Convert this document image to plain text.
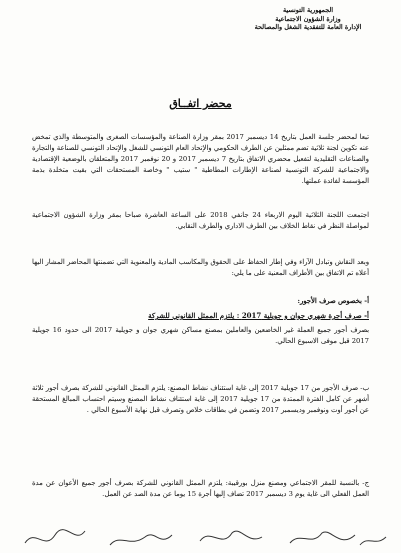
الجمهورية التونسية
وزارة الشؤون الاجتماعية
الإدارة العامة للتفقدية الشغل والمصالحة
محضر اتفــاق

تبعا لمحضر جلسة العمل بتاريخ 14 ديسمبر 2017 بمقر وزارة الصناعة والمؤسسات الصغرى والمتوسطة والذي تمخض عنه تكوين لجنة ثلاثية تضم ممثلين عن الطرف الحكومي والإتحاد العام التونسي للشغل والإتحاد التونسي للصناعة والتجارة والصناعات التقليدية لتفعيل محضري الاتفاق بتاريخ 7 ديسمبر 2017 و 20 نوفمبر 2017 والمتعلقان بالوضعية الإقتصادية والاجتماعية للشركة التونسية لصناعة الإطارات المطاطية " ستيب " وخاصة المستحقات التي بقيت متخلدة بذمة المؤسسة لفائدة عملتها.

اجتمعت اللجنة الثلاثية اليوم الاربعاء 24 جانفي 2018 على الساعة العاشرة صباحا بمقر وزارة الشؤون الاجتماعية لمواصلة النظر في نقاط الخلاف بين الطرف الاداري والطرف النقابي.

وبعد النقاش وتبادل الآراء وفي إطار الحفاظ على الحقوق والمكاسب المادية والمعنوية التي تضمنتها المحاضر المشار اليها أعلاه تم الاتفاق بين الأطراف المعنية على ما يلي:

أ- بخصوص صرف الأجور:

أ- صرف أجرة شهري جوان و جويلية 2017 : يلتزم الممثل القانوني للشركة

بصرف أجور جميع العملة غير الخاضعين والعاملين بمصنع مساكن شهري جوان و جويلية 2017 الى حدود 16 جويلية 2017 قبل موفى الاسبوع الحالي.

ب- صرف الأجور من 17 جويلية 2017 إلى غاية استئناف نشاط المصنع: يلتزم الممثل القانوني للشركة بصرف أجور ثلاثة أشهر عن كامل الفترة الممتدة من 17 جويلية 2017 إلى غاية استئناف نشاط المصنع وسيتم احتساب المبالغ المستحقة عن أجور أوت ونوفمبر وديسمبر 2017 وتضمن في بطاقات خلاص وتصرف قبل نهاية الأسبوع الحالي .

ج- بالنسبة للمقر الاجتماعي ومصنع منزل بورقيبة: يلتزم الممثل القانوني للشركة بصرف أجور جميع الأعوان عن مدة العمل الفعلي الى غاية يوم 3 ديسمبر 2017 تضاف إليها أجرة 15 يوما عن مدة الصد عن العمل.
